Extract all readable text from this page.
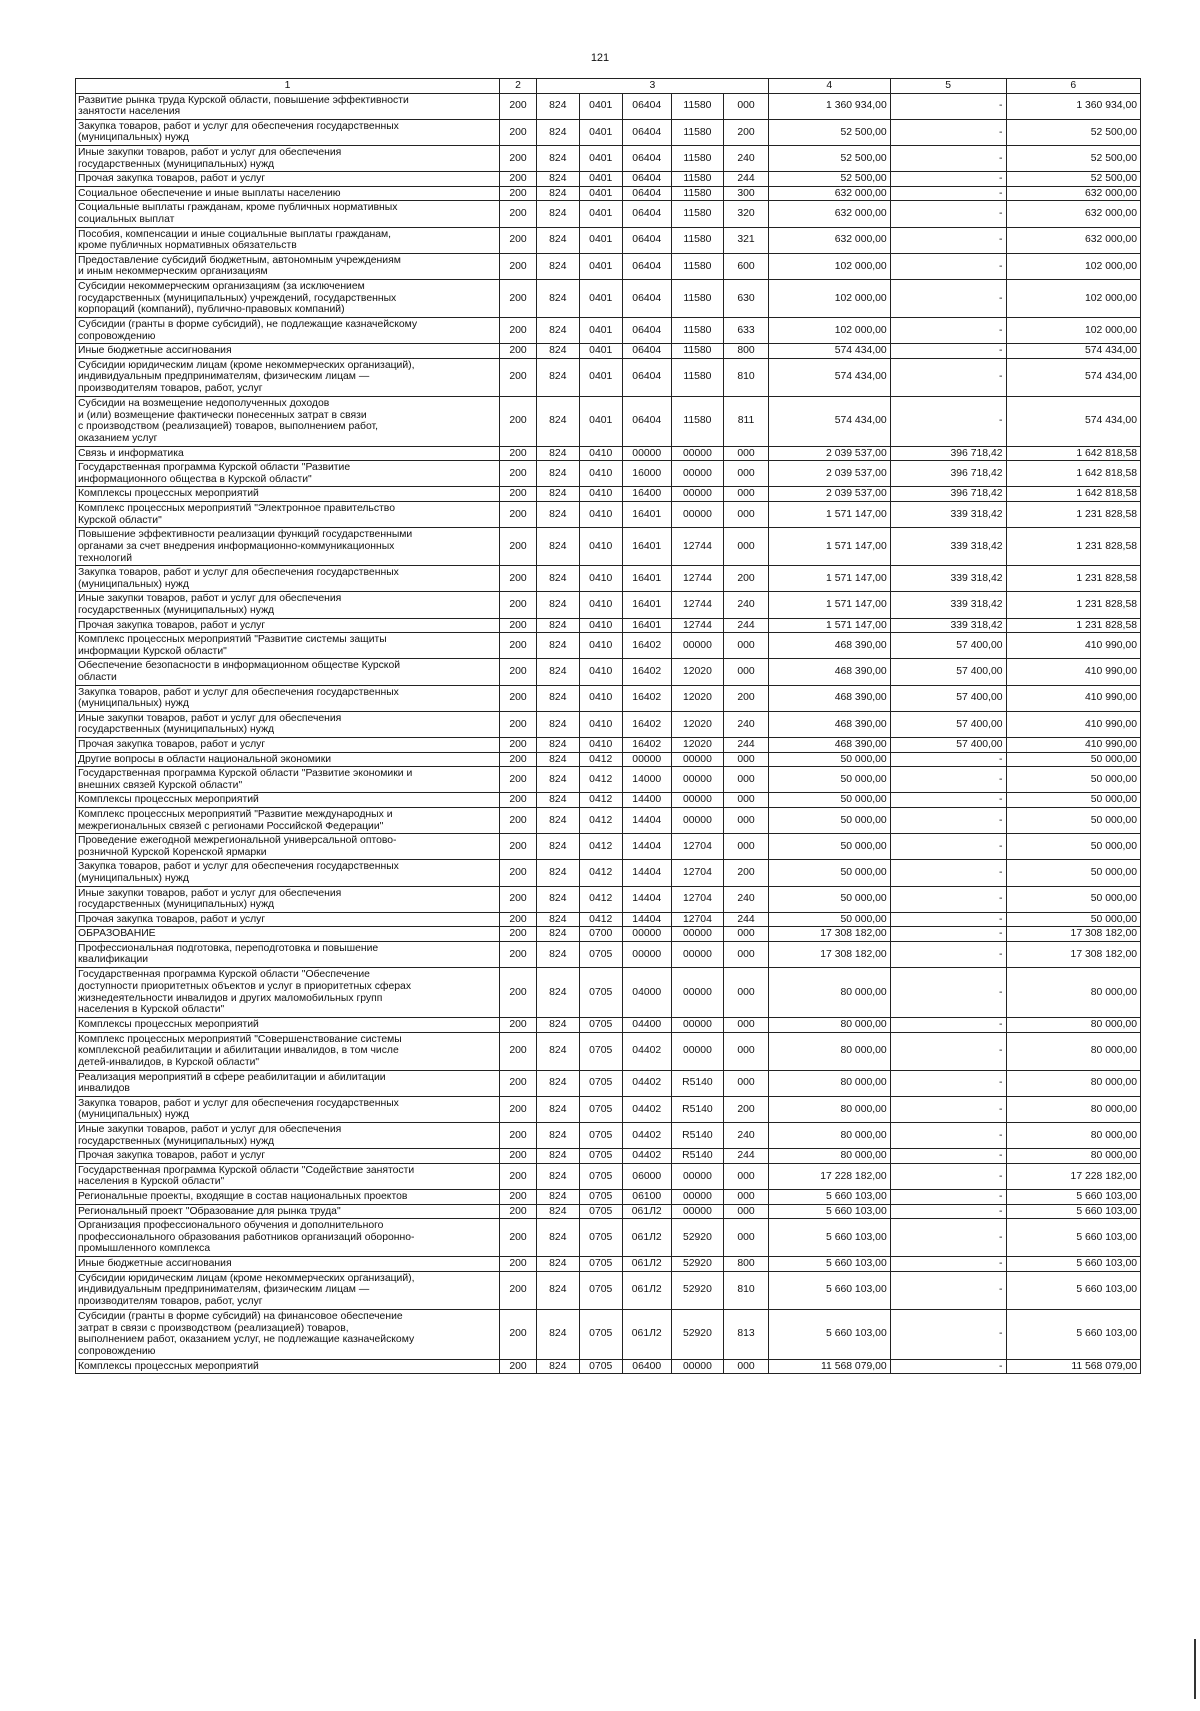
121
1	2	3					4	5	6
Развитие рынка труда Курской области, повышение эффективности
занятости населения	200	824	0401	06404	11580	000	1 360 934,00	-	1 360 934,00
Закупка товаров, работ и услуг для обеспечения государственных
(муниципальных) нужд	200	824	0401	06404	11580	200	52 500,00	-	52 500,00
Иные закупки товаров, работ и услуг для обеспечения
государственных (муниципальных) нужд	200	824	0401	06404	11580	240	52 500,00	-	52 500,00
Прочая закупка товаров, работ и услуг	200	824	0401	06404	11580	244	52 500,00	-	52 500,00
Социальное обеспечение и иные выплаты населению	200	824	0401	06404	11580	300	632 000,00	-	632 000,00
Социальные выплаты гражданам, кроме публичных нормативных
социальных выплат	200	824	0401	06404	11580	320	632 000,00	-	632 000,00
Пособия, компенсации и иные социальные выплаты гражданам,
кроме публичных нормативных обязательств	200	824	0401	06404	11580	321	632 000,00	-	632 000,00
Предоставление субсидий бюджетным, автономным учреждениям
и иным некоммерческим организациям	200	824	0401	06404	11580	600	102 000,00	-	102 000,00
Субсидии некоммерческим организациям (за исключением
государственных (муниципальных) учреждений, государственных
корпораций (компаний), публично-правовых компаний)	200	824	0401	06404	11580	630	102 000,00	-	102 000,00
Субсидии (гранты в форме субсидий), не подлежащие казначейскому
сопровождению	200	824	0401	06404	11580	633	102 000,00	-	102 000,00
Иные бюджетные ассигнования	200	824	0401	06404	11580	800	574 434,00	-	574 434,00
Субсидии юридическим лицам (кроме некоммерческих организаций),
индивидуальным предпринимателям, физическим лицам —
производителям товаров, работ, услуг	200	824	0401	06404	11580	810	574 434,00	-	574 434,00
Субсидии на возмещение недополученных доходов
и (или) возмещение фактически понесенных затрат в связи
с производством (реализацией) товаров, выполнением работ,
оказанием услуг	200	824	0401	06404	11580	811	574 434,00	-	574 434,00
Связь и информатика	200	824	0410	00000	00000	000	2 039 537,00	396 718,42	1 642 818,58
Государственная программа Курской области "Развитие
информационного общества в Курской области"	200	824	0410	16000	00000	000	2 039 537,00	396 718,42	1 642 818,58
Комплексы процессных мероприятий	200	824	0410	16400	00000	000	2 039 537,00	396 718,42	1 642 818,58
Комплекс процессных мероприятий "Электронное правительство
Курской области"	200	824	0410	16401	00000	000	1 571 147,00	339 318,42	1 231 828,58
Повышение эффективности реализации функций государственными
органами за счет внедрения информационно-коммуникационных
технологий	200	824	0410	16401	12744	000	1 571 147,00	339 318,42	1 231 828,58
Закупка товаров, работ и услуг для обеспечения государственных
(муниципальных) нужд	200	824	0410	16401	12744	200	1 571 147,00	339 318,42	1 231 828,58
Иные закупки товаров, работ и услуг для обеспечения
государственных (муниципальных) нужд	200	824	0410	16401	12744	240	1 571 147,00	339 318,42	1 231 828,58
Прочая закупка товаров, работ и услуг	200	824	0410	16401	12744	244	1 571 147,00	339 318,42	1 231 828,58
Комплекс процессных мероприятий "Развитие системы защиты
информации Курской области"	200	824	0410	16402	00000	000	468 390,00	57 400,00	410 990,00
Обеспечение безопасности в информационном обществе Курской
области	200	824	0410	16402	12020	000	468 390,00	57 400,00	410 990,00
Закупка товаров, работ и услуг для обеспечения государственных
(муниципальных) нужд	200	824	0410	16402	12020	200	468 390,00	57 400,00	410 990,00
Иные закупки товаров, работ и услуг для обеспечения
государственных (муниципальных) нужд	200	824	0410	16402	12020	240	468 390,00	57 400,00	410 990,00
Прочая закупка товаров, работ и услуг	200	824	0410	16402	12020	244	468 390,00	57 400,00	410 990,00
Другие вопросы в области национальной экономики	200	824	0412	00000	00000	000	50 000,00	-	50 000,00
Государственная программа Курской области "Развитие экономики и
внешних связей Курской области"	200	824	0412	14000	00000	000	50 000,00	-	50 000,00
Комплексы процессных мероприятий	200	824	0412	14400	00000	000	50 000,00	-	50 000,00
Комплекс процессных мероприятий "Развитие международных и
межрегиональных связей с регионами Российской Федерации"	200	824	0412	14404	00000	000	50 000,00	-	50 000,00
Проведение ежегодной межрегиональной универсальной оптово-
розничной Курской Коренской ярмарки	200	824	0412	14404	12704	000	50 000,00	-	50 000,00
Закупка товаров, работ и услуг для обеспечения государственных
(муниципальных) нужд	200	824	0412	14404	12704	200	50 000,00	-	50 000,00
Иные закупки товаров, работ и услуг для обеспечения
государственных (муниципальных) нужд	200	824	0412	14404	12704	240	50 000,00	-	50 000,00
Прочая закупка товаров, работ и услуг	200	824	0412	14404	12704	244	50 000,00	-	50 000,00
ОБРАЗОВАНИЕ	200	824	0700	00000	00000	000	17 308 182,00	-	17 308 182,00
Профессиональная подготовка, переподготовка и повышение
квалификации	200	824	0705	00000	00000	000	17 308 182,00	-	17 308 182,00
Государственная программа Курской области "Обеспечение
доступности приоритетных объектов и услуг в приоритетных сферах
жизнедеятельности инвалидов и других маломобильных групп
населения в Курской области"	200	824	0705	04000	00000	000	80 000,00	-	80 000,00
Комплексы процессных мероприятий	200	824	0705	04400	00000	000	80 000,00	-	80 000,00
Комплекс процессных мероприятий "Совершенствование системы
комплексной реабилитации и абилитации инвалидов, в том числе
детей-инвалидов, в Курской области"	200	824	0705	04402	00000	000	80 000,00	-	80 000,00
Реализация мероприятий в сфере реабилитации и абилитации
инвалидов	200	824	0705	04402	R5140	000	80 000,00	-	80 000,00
Закупка товаров, работ и услуг для обеспечения государственных
(муниципальных) нужд	200	824	0705	04402	R5140	200	80 000,00	-	80 000,00
Иные закупки товаров, работ и услуг для обеспечения
государственных (муниципальных) нужд	200	824	0705	04402	R5140	240	80 000,00	-	80 000,00
Прочая закупка товаров, работ и услуг	200	824	0705	04402	R5140	244	80 000,00	-	80 000,00
Государственная программа Курской области "Содействие занятости
населения в Курской области"	200	824	0705	06000	00000	000	17 228 182,00	-	17 228 182,00
Региональные проекты, входящие в состав национальных проектов	200	824	0705	06100	00000	000	5 660 103,00	-	5 660 103,00
Региональный проект "Образование для рынка труда"	200	824	0705	061Л2	00000	000	5 660 103,00	-	5 660 103,00
Организация профессионального обучения и дополнительного
профессионального образования работников организаций оборонно-
промышленного комплекса	200	824	0705	061Л2	52920	000	5 660 103,00	-	5 660 103,00
Иные бюджетные ассигнования	200	824	0705	061Л2	52920	800	5 660 103,00	-	5 660 103,00
Субсидии юридическим лицам (кроме некоммерческих организаций),
индивидуальным предпринимателям, физическим лицам —
производителям товаров, работ, услуг	200	824	0705	061Л2	52920	810	5 660 103,00	-	5 660 103,00
Субсидии (гранты в форме субсидий) на финансовое обеспечение
затрат в связи с производством (реализацией) товаров,
выполнением работ, оказанием услуг, не подлежащие казначейскому
сопровождению	200	824	0705	061Л2	52920	813	5 660 103,00	-	5 660 103,00
Комплексы процессных мероприятий	200	824	0705	06400	00000	000	11 568 079,00	-	11 568 079,00
